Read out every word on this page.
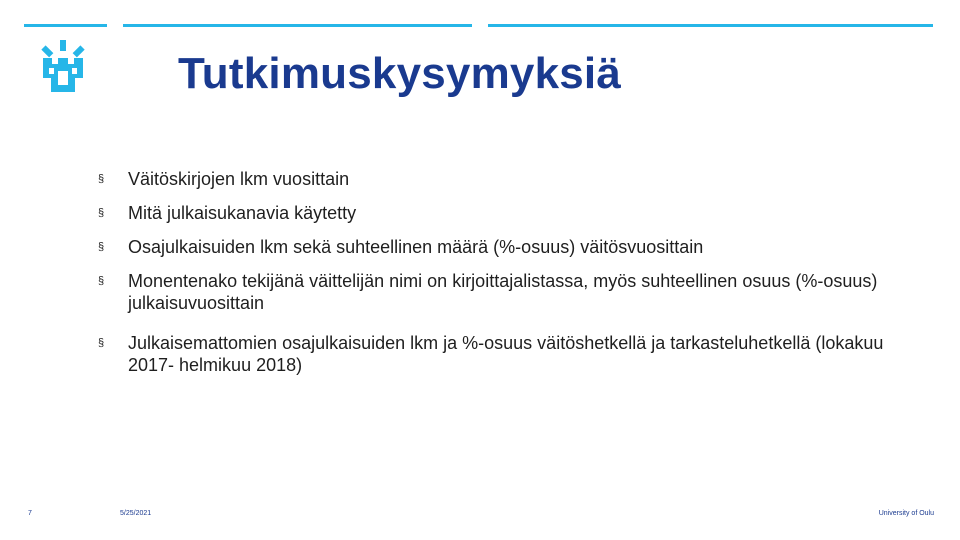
Tutkimuskysymyksiä
§ Väitöskirjojen lkm vuosittain
§ Mitä julkaisukanavia käytetty
§ Osajulkaisuiden lkm sekä suhteellinen määrä (%-osuus) väitösvuosittain
§ Monentenako tekijänä väittelijän nimi on kirjoittajalistassa, myös suhteellinen osuus (%-osuus) julkaisuvuosittain
§ Julkaisemattomien osajulkaisuiden lkm ja %-osuus väitöshetkellä ja tarkasteluhetkellä (lokakuu 2017- helmikuu 2018)
7	5/25/2021	University of Oulu
